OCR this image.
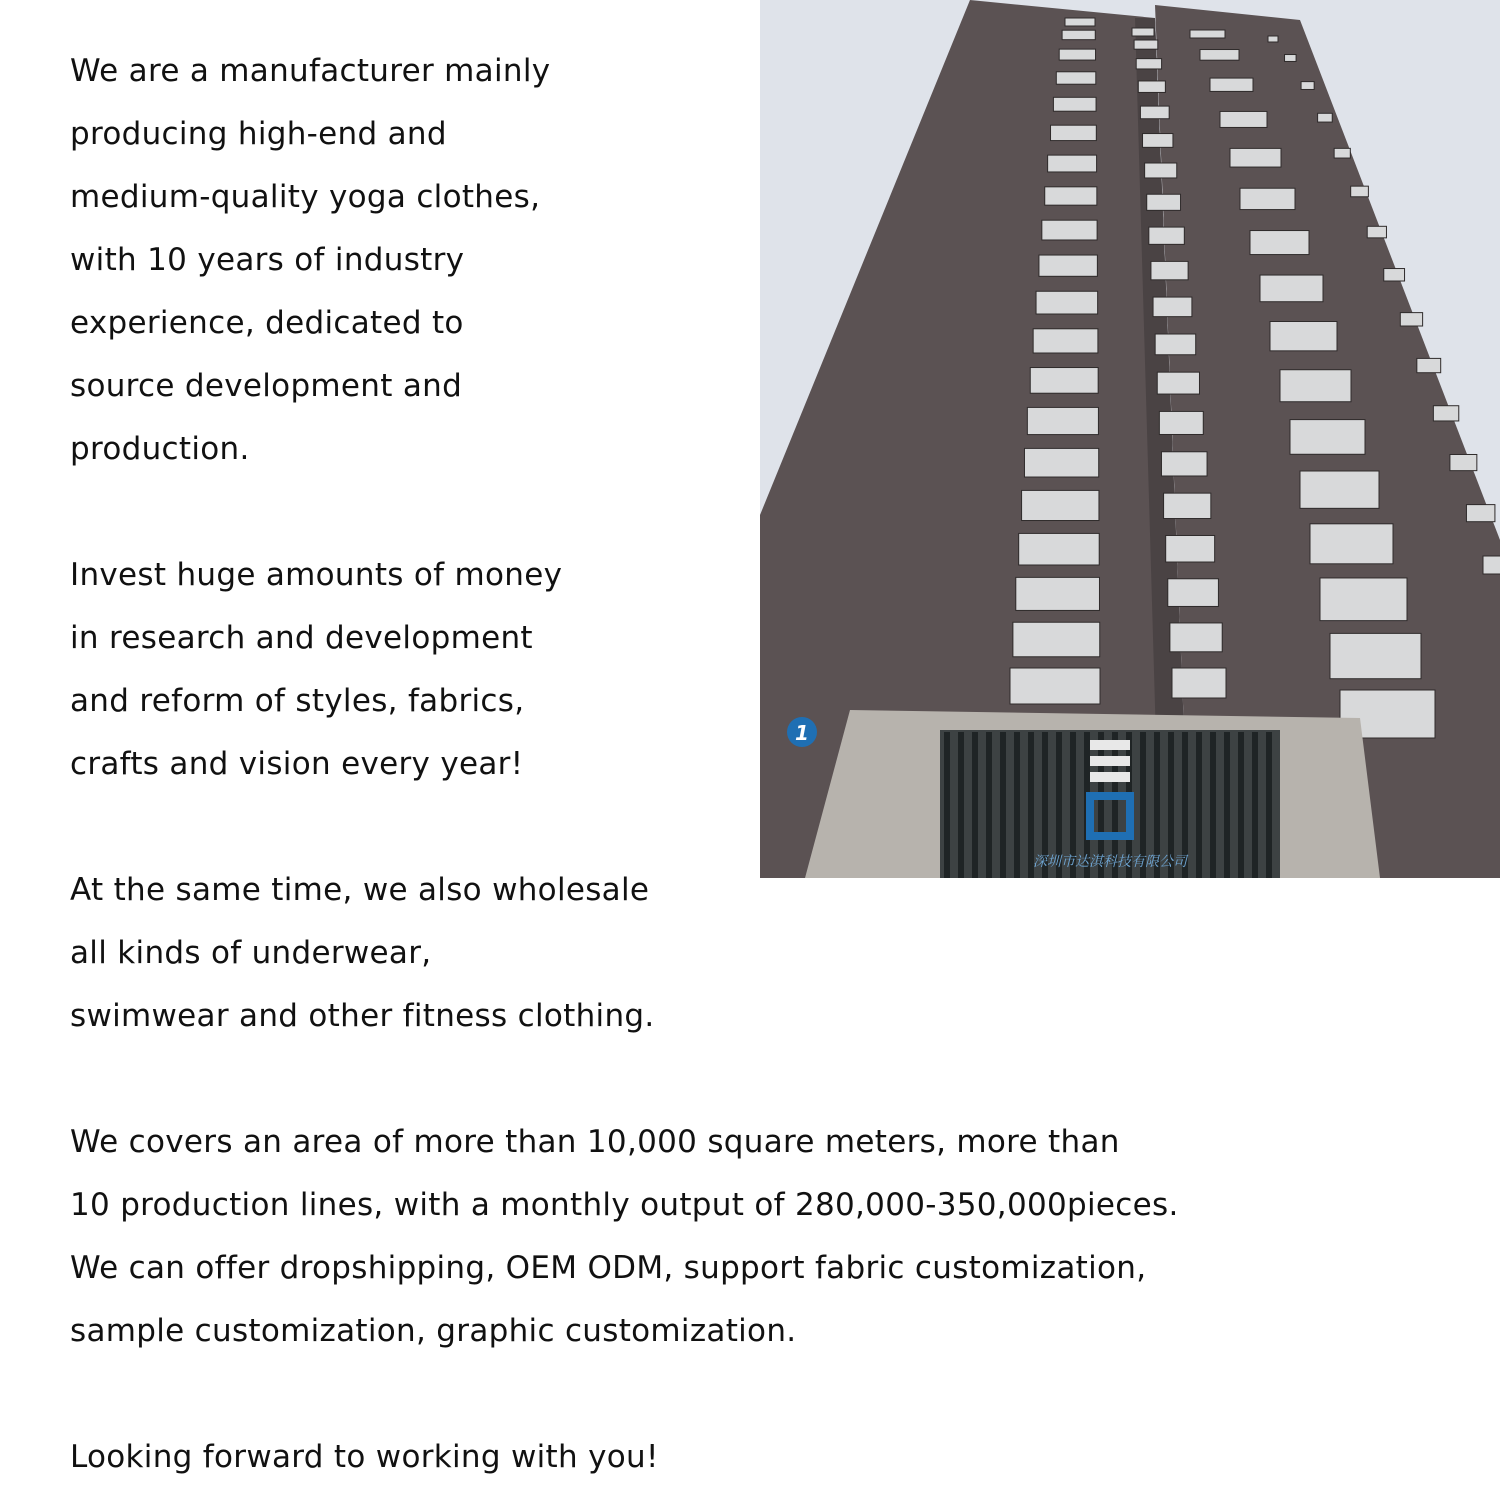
We are a manufacturer mainly
producing high-end and
medium-quality yoga clothes,
with 10 years of industry
experience, dedicated to
source development and
production.

Invest huge amounts of money
in research and development
and reform of styles, fabrics,
crafts and vision every year!

At the same time, we also wholesale
all kinds of underwear,
swimwear and other fitness clothing.

We covers an area of more than 10,000 square meters, more than
10 production lines, with a monthly output of 280,000-350,000pieces.
We can offer dropshipping, OEM ODM, support fabric customization,
sample customization, graphic customization.

Looking forward to working with you!

深圳市达淇科技有限公司
1
